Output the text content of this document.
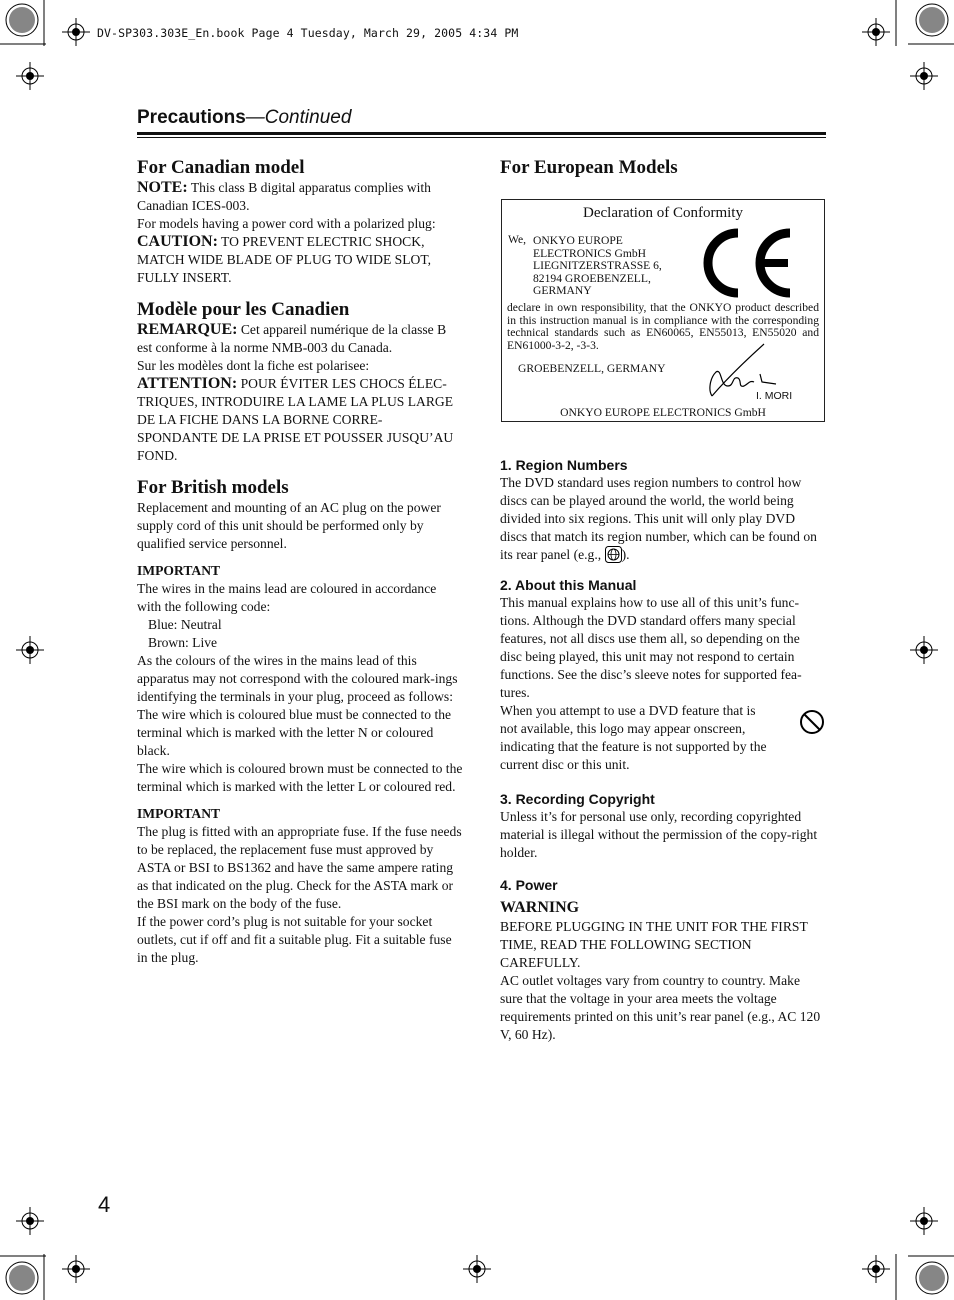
DV-SP303.303E_En.book Page 4 Tuesday, March 29, 2005 4:34 PM
Precautions—Continued

For Canadian model

NOTE: This class B digital apparatus complies with Canadian ICES-003.

For models having a power cord with a polarized plug:

CAUTION: TO PREVENT ELECTRIC SHOCK, MATCH WIDE BLADE OF PLUG TO WIDE SLOT, FULLY INSERT.

Modèle pour les Canadien

REMARQUE: Cet appareil numérique de la classe B est conforme à la norme NMB-003 du Canada.

Sur les modèles dont la fiche est polarisee:

ATTENTION: POUR ÉVITER LES CHOCS ÉLEC-TRIQUES, INTRODUIRE LA LAME LA PLUS LARGE DE LA FICHE DANS LA BORNE CORRE-SPONDANTE DE LA PRISE ET POUSSER JUSQU’AU FOND.

For British models

Replacement and mounting of an AC plug on the power supply cord of this unit should be performed only by qualified service personnel.

IMPORTANT

The wires in the mains lead are coloured in accordance with the following code:

Blue: Neutral

Brown: Live

As the colours of the wires in the mains lead of this apparatus may not correspond with the coloured mark-ings identifying the terminals in your plug, proceed as follows:

The wire which is coloured blue must be connected to the terminal which is marked with the letter N or coloured black.

The wire which is coloured brown must be connected to the terminal which is marked with the letter L or coloured red.

IMPORTANT

The plug is fitted with an appropriate fuse. If the fuse needs to be replaced, the replacement fuse must approved by ASTA or BSI to BS1362 and have the same ampere rating as that indicated on the plug. Check for the ASTA mark or the BSI mark on the body of the fuse.

If the power cord’s plug is not suitable for your socket outlets, cut if off and fit a suitable plug. Fit a suitable fuse in the plug.

For European Models
Declaration of Conformity
We, ONKYO EUROPE
ELECTRONICS GmbH
LIEGNITZERSTRASSE 6,
82194 GROEBENZELL,
GERMANY
declare in own responsibility, that the ONKYO product described in this instruction manual is in compliance with the corresponding technical standards such as EN60065, EN55013, EN55020 and EN61000-3-2, -3-3.
GROEBENZELL, GERMANY
I. MORI
ONKYO EUROPE ELECTRONICS GmbH

1. Region Numbers

The DVD standard uses region numbers to control how discs can be played around the world, the world being divided into six regions. This unit will only play DVD discs that match its region number, which can be found on its rear panel (e.g., ).

2. About this Manual

This manual explains how to use all of this unit’s func-tions. Although the DVD standard offers many special features, not all discs use them all, so depending on the disc being played, this unit may not respond to certain functions. See the disc’s sleeve notes for supported fea-tures.

When you attempt to use a DVD feature that is not available, this logo may appear onscreen, indicating that the feature is not supported by the current disc or this unit.

3. Recording Copyright

Unless it’s for personal use only, recording copyrighted material is illegal without the permission of the copy-right holder.

4. Power

WARNING

BEFORE PLUGGING IN THE UNIT FOR THE FIRST TIME, READ THE FOLLOWING SECTION CAREFULLY.

AC outlet voltages vary from country to country. Make sure that the voltage in your area meets the voltage requirements printed on this unit’s rear panel (e.g., AC 120 V, 60 Hz).

4
